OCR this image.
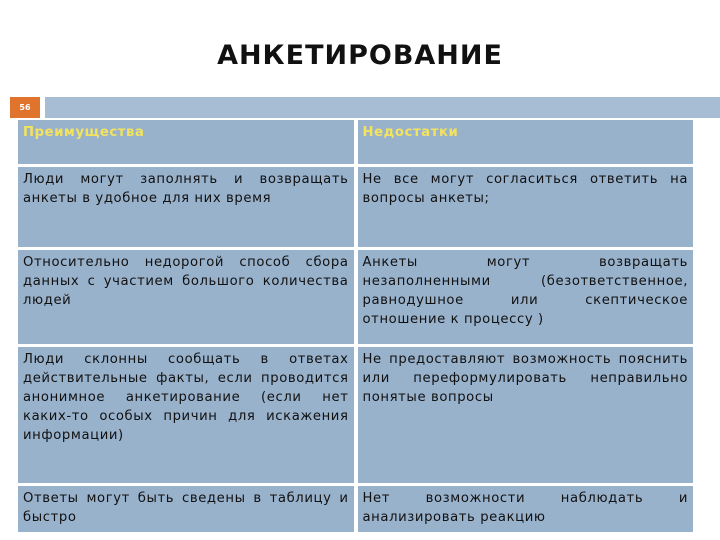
АНКЕТИРОВАНИЕ
56
Преимущества	Недостатки
Люди могут заполнять и возвращать анкеты в удобное для них время	Не все могут согласиться ответить на вопросы анкеты;
Относительно недорогой способ сбора данных с участием большого количества людей	Анкеты могут возвращать незаполненными (безответственное, равнодушное или скептическое отношение к процессу )
Люди склонны сообщать в ответах действительные факты, если проводится анонимное анкетирование (если нет каких-то особых причин для искажения информации)	Не предоставляют возможность пояснить или переформулировать неправильно понятые вопросы
Ответы могут быть сведены в таблицу и быстро	Нет возможности наблюдать и анализировать реакцию
